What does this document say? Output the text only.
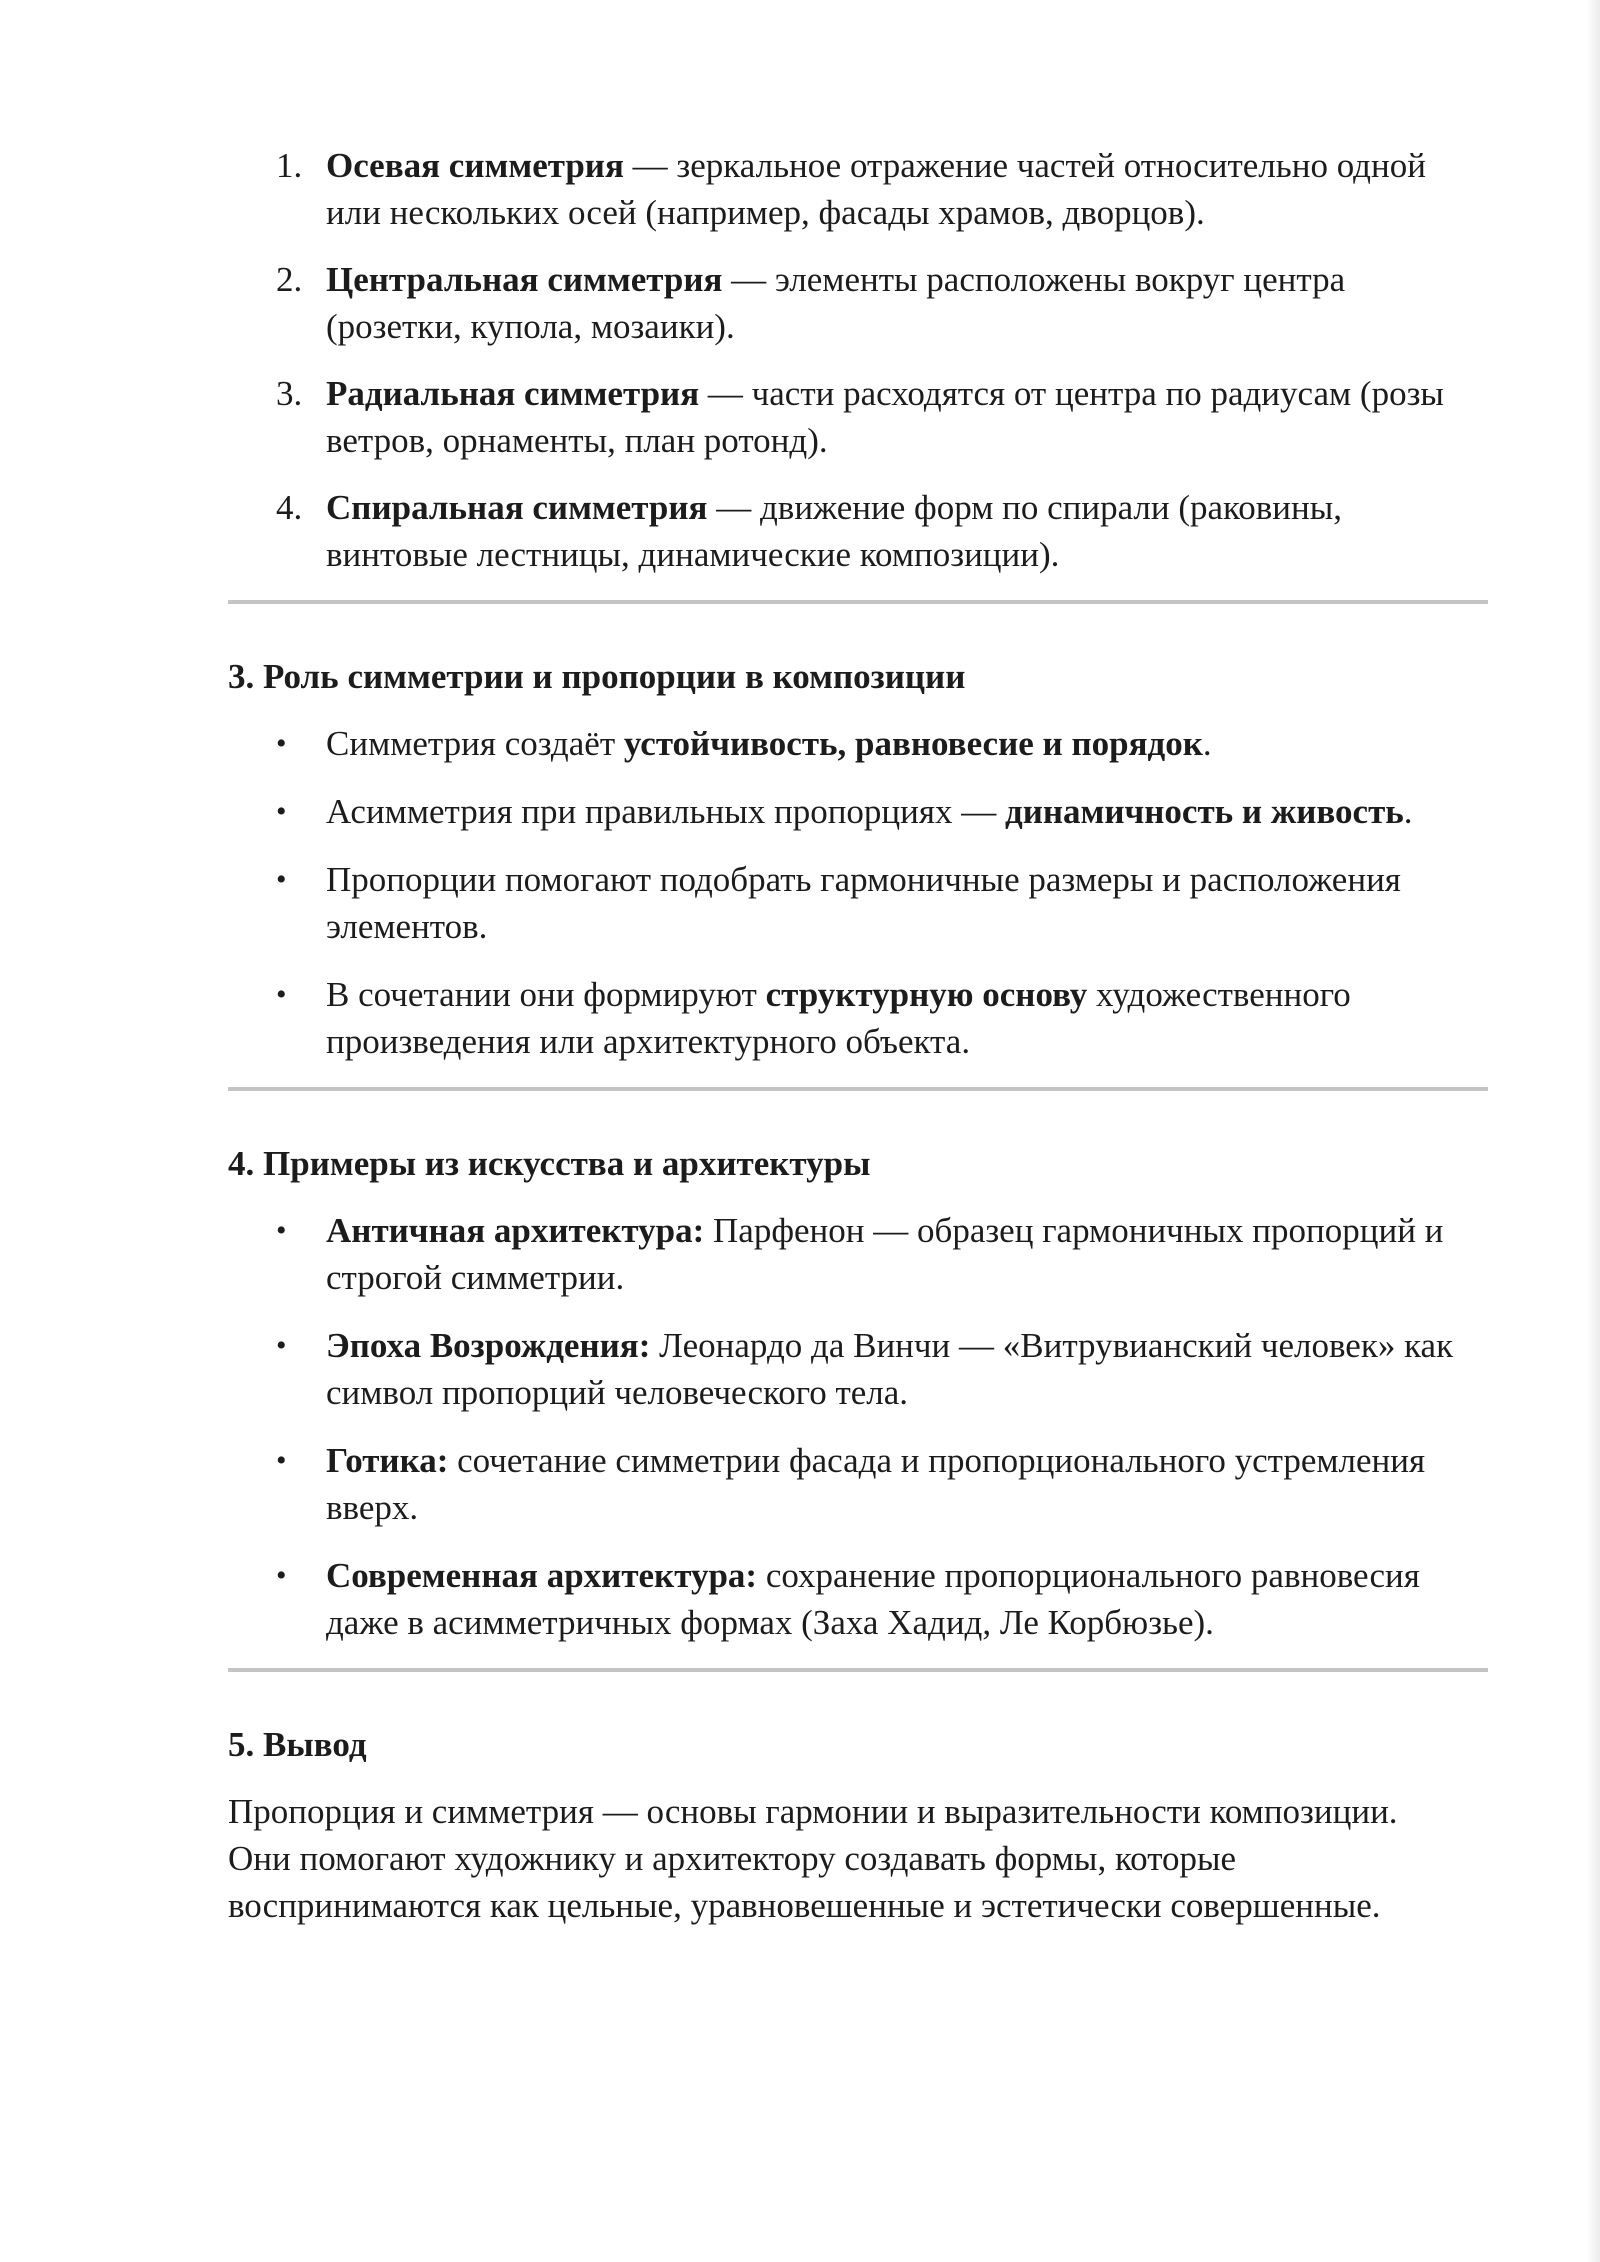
1. Осевая симметрия — зеркальное отражение частей относительно одной или нескольких осей (например, фасады храмов, дворцов).
2. Центральная симметрия — элементы расположены вокруг центра (розетки, купола, мозаики).
3. Радиальная симметрия — части расходятся от центра по радиусам (розы ветров, орнаменты, план ротонд).
4. Спиральная симметрия — движение форм по спирали (раковины, винтовые лестницы, динамические композиции).
3. Роль симметрии и пропорции в композиции
• Симметрия создаёт устойчивость, равновесие и порядок.
• Асимметрия при правильных пропорциях — динамичность и живость.
• Пропорции помогают подобрать гармоничные размеры и расположения элементов.
• В сочетании они формируют структурную основу художественного произведения или архитектурного объекта.
4. Примеры из искусства и архитектуры
• Античная архитектура: Парфенон — образец гармоничных пропорций и строгой симметрии.
• Эпоха Возрождения: Леонардо да Винчи — «Витрувианский человек» как символ пропорций человеческого тела.
• Готика: сочетание симметрии фасада и пропорционального устремления вверх.
• Современная архитектура: сохранение пропорционального равновесия даже в асимметричных формах (Заха Хадид, Ле Корбюзье).
5. Вывод

Пропорция и симметрия — основы гармонии и выразительности композиции.

Они помогают художнику и архитектору создавать формы, которые воспринимаются как цельные, уравновешенные и эстетически совершенные.
